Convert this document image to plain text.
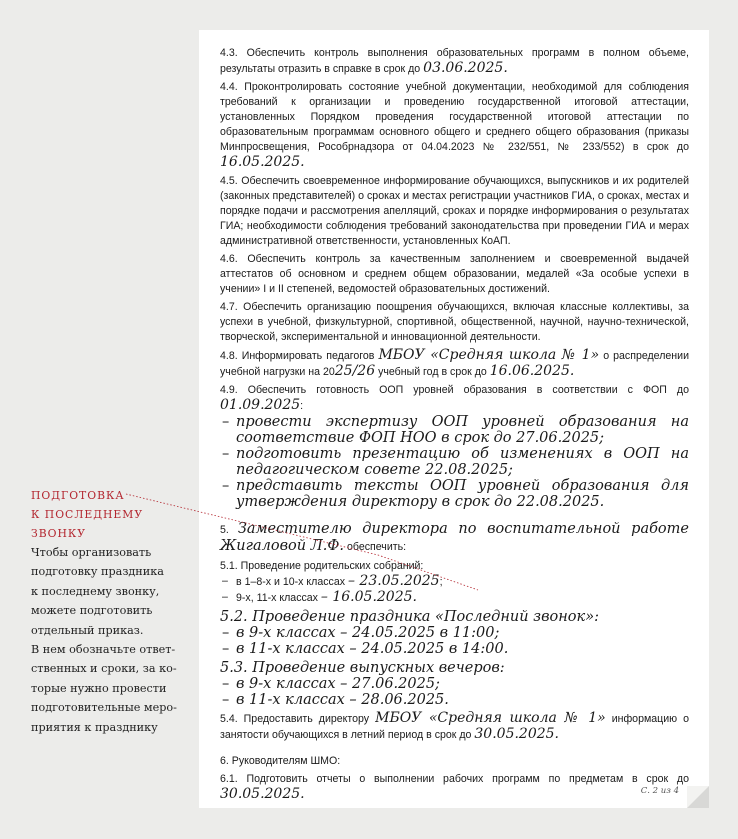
4.3. Обеспечить контроль выполнения образовательных программ в полном объеме, результаты отразить в справке в срок до 03.06.2025.

4.4. Проконтролировать состояние учебной документации, необходимой для соблюдения требований к организации и проведению государственной итоговой аттестации, установленных Порядком проведения государственной итоговой аттестации по образовательным программам основного общего и среднего общего образования (приказы Минпросвещения, Рособрнадзора от 04.04.2023 № 232/551, № 233/552) в срок до 16.05.2025.

4.5. Обеспечить своевременное информирование обучающихся, выпускников и их родителей (законных представителей) о сроках и местах регистрации участников ГИА, о сроках, местах и порядке подачи и рассмотрения апелляций, сроках и порядке информирования о результатах ГИА; необходимости соблюдения требований законодательства при проведении ГИА и мерах административной ответственности, установленных КоАП.

4.6. Обеспечить контроль за качественным заполнением и своевременной выдачей аттестатов об основном и среднем общем образовании, медалей «За особые успехи в учении» I и II степеней, ведомостей образовательных достижений.

4.7. Обеспечить организацию поощрения обучающихся, включая классные коллективы, за успехи в учебной, физкультурной, спортивной, общественной, научной, научно-технической, творческой, экспериментальной и инновационной деятельности.

4.8. Информировать педагогов МБОУ «Средняя школа № 1» о распределении учебной нагрузки на 2025/26 учебный год в срок до 16.06.2025.

4.9. Обеспечить готовность ООП уровней образования в соответствии с ФОП до 01.09.2025:

– провести экспертизу ООП уровней образования на соответствие ФОП НОО в срок до 27.06.2025;
– подготовить презентацию об изменениях в ООП на педагогическом совете 22.08.2025;
– представить тексты ООП уровней образования для утверждения директору в срок до 22.08.2025.

5. Заместителю директора по воспитательной работе Жигаловой Л.Ф. обеспечить:

5.1. Проведение родительских собраний:

– в 1–8-х и 10-х классах – 23.05.2025;
– 9-х, 11-х классах – 16.05.2025.

5.2. Проведение праздника «Последний звонок»:

– в 9-х классах – 24.05.2025 в 11:00;
– в 11-х классах – 24.05.2025 в 14:00.

5.3. Проведение выпускных вечеров:

– в 9-х классах – 27.06.2025;
– в 11-х классах – 28.06.2025.

5.4. Предоставить директору МБОУ «Средняя школа № 1» информацию о занятости обучающихся в летний период в срок до 30.05.2025.

6. Руководителям ШМО:

6.1. Подготовить отчеты о выполнении рабочих программ по предметам в срок до 30.05.2025.	С. 2 из 4
ПОДГОТОВКА
К ПОСЛЕДНЕМУ
ЗВОНКУ
Чтобы организовать
подготовку праздника
к последнему звонку,
можете подготовить
отдельный приказ.
В нем обозначьте ответ-
ственных и сроки, за ко-
торые нужно провести
подготовительные меро-
приятия к празднику
